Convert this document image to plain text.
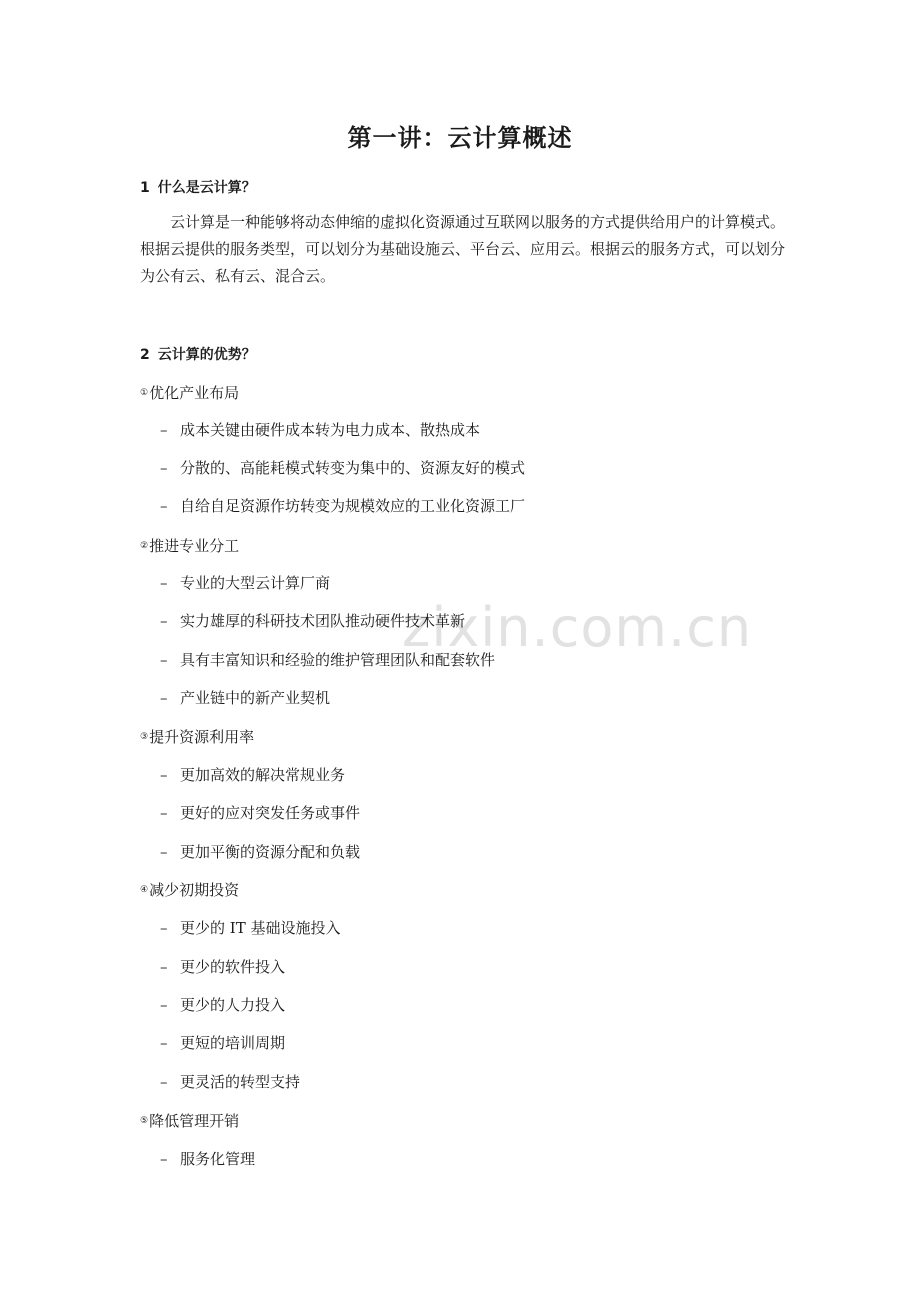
zixin.com.cn
第一讲：云计算概述
1 什么是云计算？
云计算是一种能够将动态伸缩的虚拟化资源通过互联网以服务的方式提供给用户的计算模式。根据云提供的服务类型，可以划分为基础设施云、平台云、应用云。根据云的服务方式，可以划分为公有云、私有云、混合云。
2 云计算的优势？
①优化产业布局
– 成本关键由硬件成本转为电力成本、散热成本
– 分散的、高能耗模式转变为集中的、资源友好的模式
– 自给自足资源作坊转变为规模效应的工业化资源工厂
②推进专业分工
– 专业的大型云计算厂商
– 实力雄厚的科研技术团队推动硬件技术革新
– 具有丰富知识和经验的维护管理团队和配套软件
– 产业链中的新产业契机
③提升资源利用率
– 更加高效的解决常规业务
– 更好的应对突发任务或事件
– 更加平衡的资源分配和负载
④减少初期投资
– 更少的 IT 基础设施投入
– 更少的软件投入
– 更少的人力投入
– 更短的培训周期
– 更灵活的转型支持
⑤降低管理开销
– 服务化管理
